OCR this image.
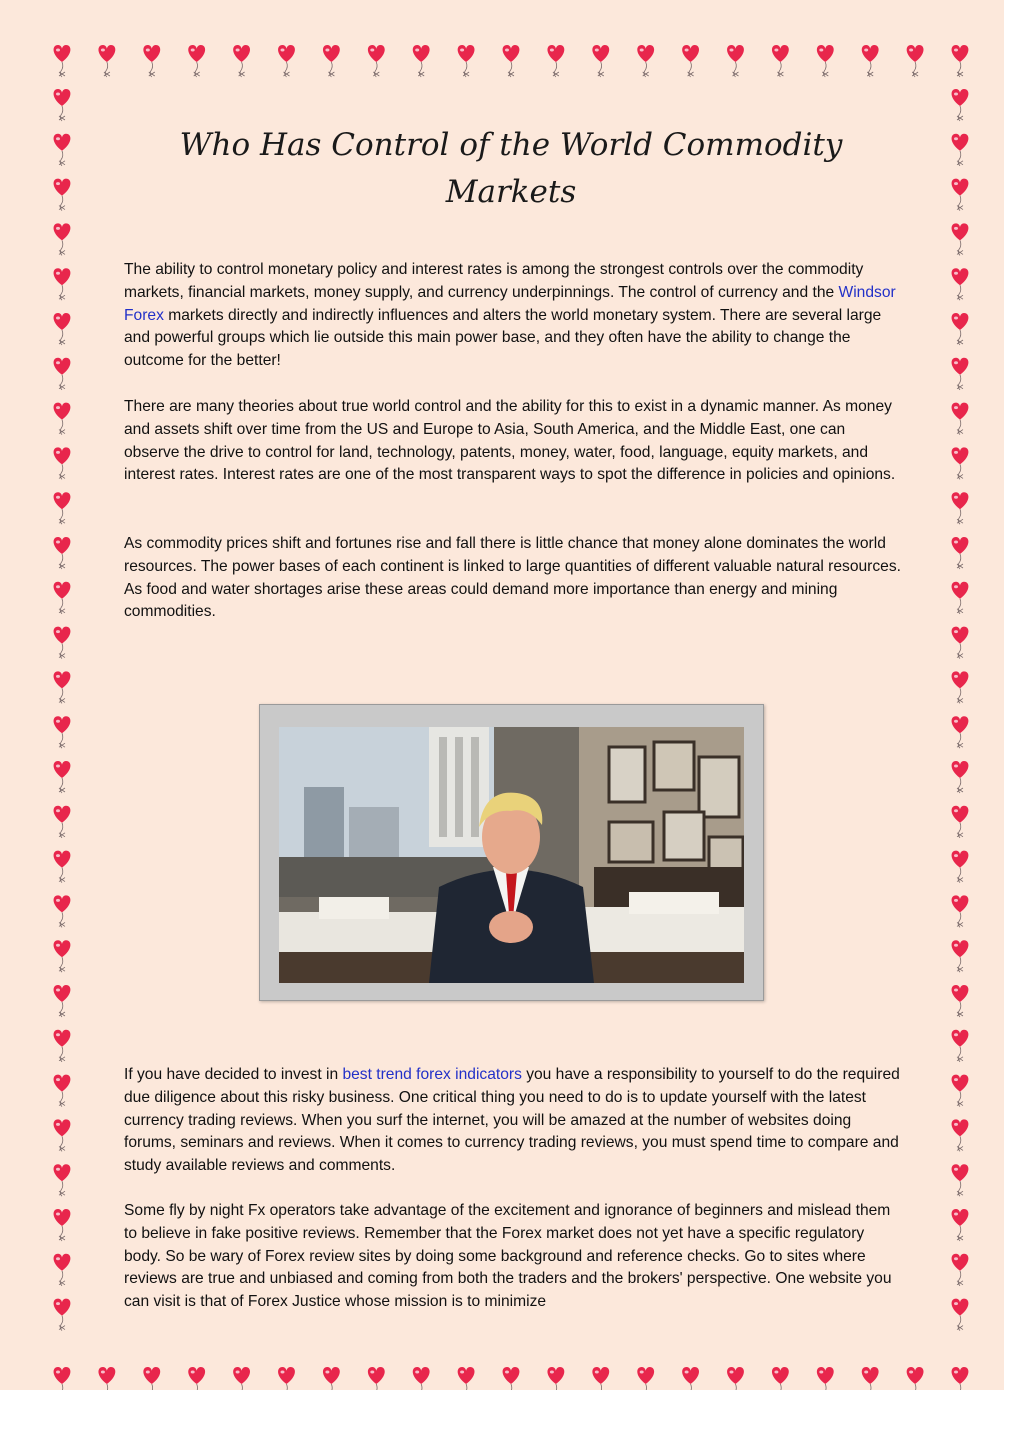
Who Has Control of the World Commodity Markets

The ability to control monetary policy and interest rates is among the strongest controls over the commodity markets, financial markets, money supply, and currency underpinnings. The control of currency and the Windsor Forex markets directly and indirectly influences and alters the world monetary system. There are several large and powerful groups which lie outside this main power base, and they often have the ability to change the outcome for the better!

There are many theories about true world control and the ability for this to exist in a dynamic manner. As money and assets shift over time from the US and Europe to Asia, South America, and the Middle East, one can observe the drive to control for land, technology, patents, money, water, food, language, equity markets, and interest rates. Interest rates are one of the most transparent ways to spot the difference in policies and opinions.

As commodity prices shift and fortunes rise and fall there is little chance that money alone dominates the world resources. The power bases of each continent is linked to large quantities of different valuable natural resources. As food and water shortages arise these areas could demand more importance than energy and mining commodities.

If you have decided to invest in best trend forex indicators you have a responsibility to yourself to do the required due diligence about this risky business. One critical thing you need to do is to update yourself with the latest currency trading reviews. When you surf the internet, you will be amazed at the number of websites doing forums, seminars and reviews. When it comes to currency trading reviews, you must spend time to compare and study available reviews and comments.

Some fly by night Fx operators take advantage of the excitement and ignorance of beginners and mislead them to believe in fake positive reviews. Remember that the Forex market does not yet have a specific regulatory body. So be wary of Forex review sites by doing some background and reference checks. Go to sites where reviews are true and unbiased and coming from both the traders and the brokers' perspective. One website you can visit is that of Forex Justice whose mission is to minimize
